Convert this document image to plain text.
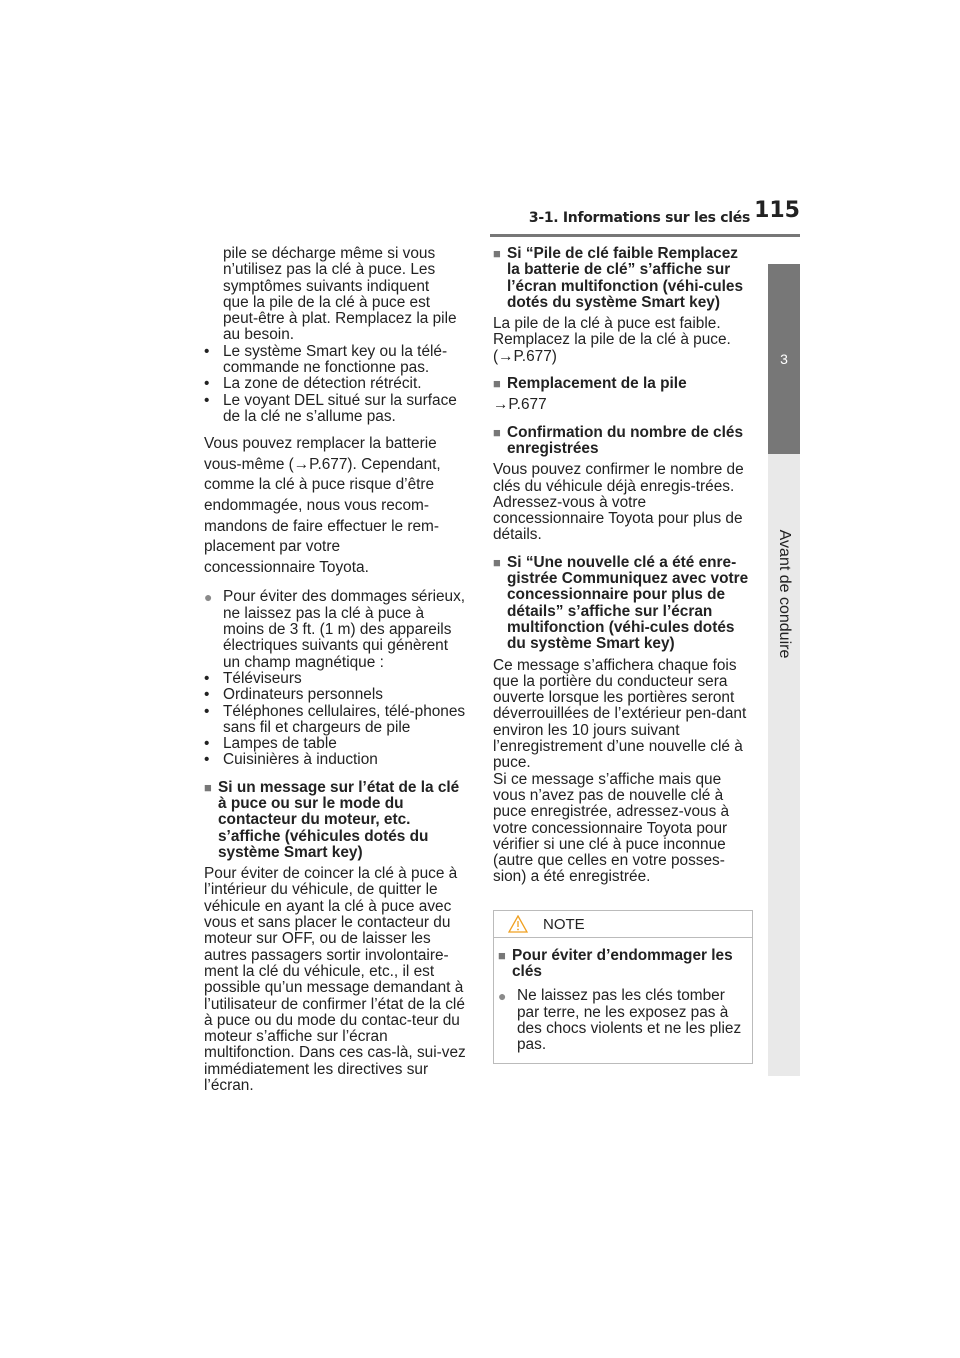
3-1. Informations sur les clés 115
3
Avant de conduire

pile se décharge même si vous

n’utilisez pas la clé à puce. Les

symptômes suivants indiquent

que la pile de la clé à puce est

peut-être à plat. Remplacez la pile

au besoin.

• Le système Smart key ou la télé-commande ne fonctionne pas.
• La zone de détection rétrécit.
• Le voyant DEL situé sur la surface de la clé ne s’allume pas.

Vous pouvez remplacer la batterie

vous-même (→P.677). Cependant,

comme la clé à puce risque d’être

endommagée, nous vous recom-

mandons de faire effectuer le rem-

placement par votre

concessionnaire Toyota.

● Pour éviter des dommages sérieux, ne laissez pas la clé à puce à moins de 3 ft. (1 m) des appareils électriques suivants qui génèrent un champ magnétique :
• Téléviseurs
• Ordinateurs personnels
• Téléphones cellulaires, télé-phones sans fil et chargeurs de pile
• Lampes de table
• Cuisinières à induction
■ Si un message sur l’état de la clé à puce ou sur le mode du contacteur du moteur, etc. s’affiche (véhicules dotés du système Smart key)

Pour éviter de coincer la clé à puce à l’intérieur du véhicule, de quitter le véhicule en ayant la clé à puce avec vous et sans placer le contacteur du moteur sur OFF, ou de laisser les autres passagers sortir involontaire-ment la clé du véhicule, etc., il est possible qu’un message demandant à l’utilisateur de confirmer l’état de la clé à puce ou du mode du contac-teur du moteur s’affiche sur l’écran multifonction. Dans ces cas-là, sui-vez immédiatement les directives sur l’écran.

■ Si “Pile de clé faible Remplacez la batterie de clé” s’affiche sur l’écran multifonction (véhi-cules dotés du système Smart key)

La pile de la clé à puce est faible. Remplacez la pile de la clé à puce. (→P.677)

■ Remplacement de la pile

→P.677

■ Confirmation du nombre de clés enregistrées

Vous pouvez confirmer le nombre de clés du véhicule déjà enregis-trées. Adressez-vous à votre concessionnaire Toyota pour plus de détails.

■ Si “Une nouvelle clé a été enre-gistrée Communiquez avec votre concessionnaire pour plus de détails” s’affiche sur l’écran multifonction (véhi-cules dotés du système Smart key)

Ce message s’affichera chaque fois que la portière du conducteur sera ouverte lorsque les portières seront déverrouillées de l’extérieur pen-dant environ les 10 jours suivant l’enregistrement d’une nouvelle clé à puce.

Si ce message s’affiche mais que vous n’avez pas de nouvelle clé à puce enregistrée, adressez-vous à votre concessionnaire Toyota pour vérifier si une clé à puce inconnue (autre que celles en votre posses-sion) a été enregistrée.

NOTE
■ Pour éviter d’endommager les clés
● Ne laissez pas les clés tomber par terre, ne les exposez pas à des chocs violents et ne les pliez pas.
